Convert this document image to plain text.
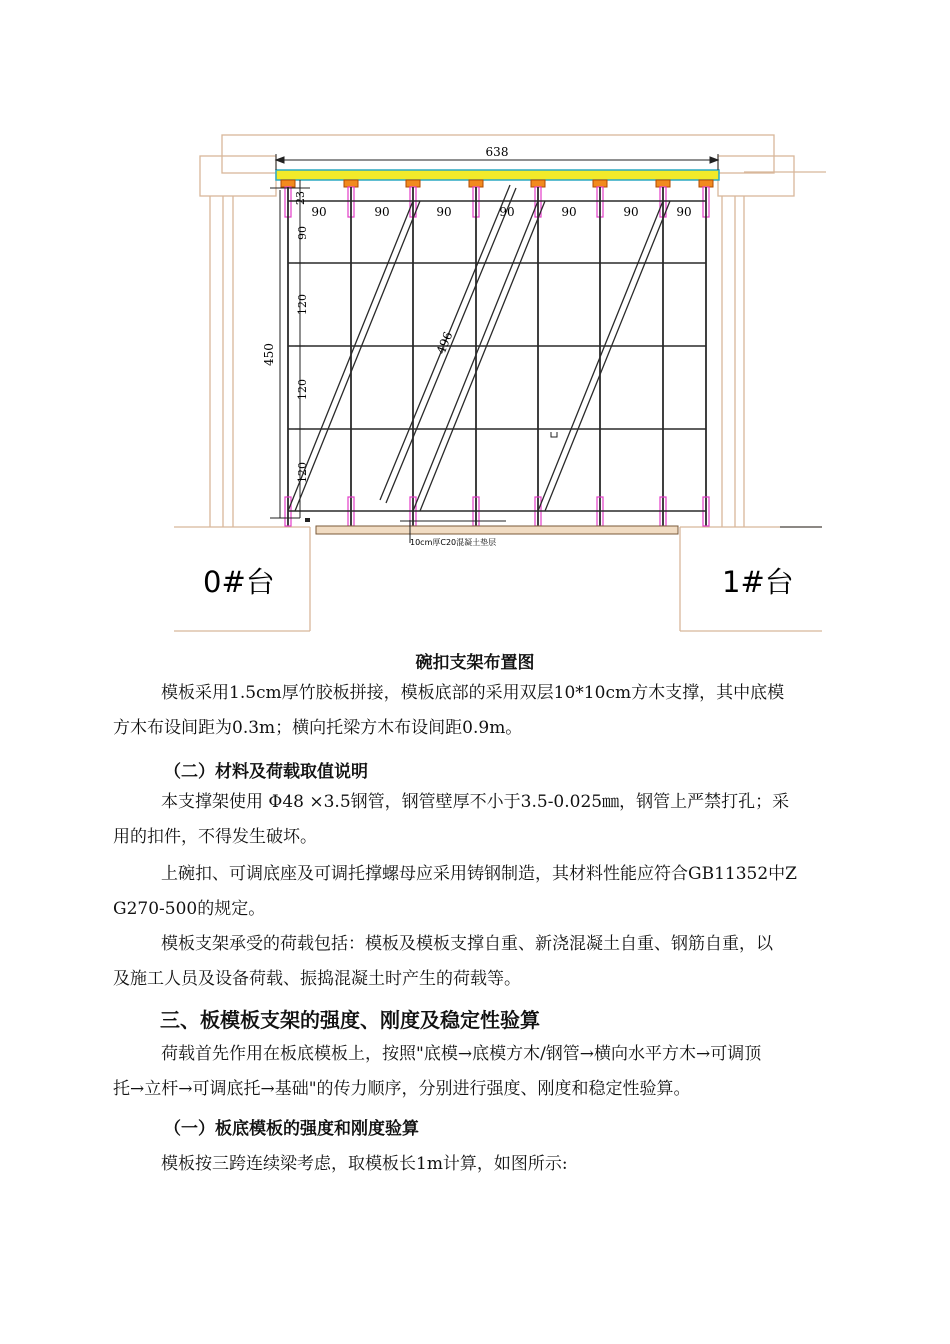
638
23
450
90
120
120
120
90	90	90	90	90	90	90
496
10cm厚C20混凝土垫层
0#台	1#台
碗扣支架布置图
模板采用1.5cm厚竹胶板拼接，模板底部的采用双层10*10cm方木支撑，其中底模
方木布设间距为0.3m；横向托梁方木布设间距0.9m。
（二）材料及荷载取值说明
本支撑架使用 Φ48 ×3.5钢管，钢管壁厚不小于3.5-0.025㎜，钢管上严禁打孔；采
用的扣件，不得发生破坏。
上碗扣、可调底座及可调托撑螺母应采用铸钢制造，其材料性能应符合GB11352中Z
G270-500的规定。
模板支架承受的荷载包括：模板及模板支撑自重、新浇混凝土自重、钢筋自重，以
及施工人员及设备荷载、振捣混凝土时产生的荷载等。
三、板模板支架的强度、刚度及稳定性验算
荷载首先作用在板底模板上，按照"底模→底模方木/钢管→横向水平方木→可调顶
托→立杆→可调底托→基础"的传力顺序，分别进行强度、刚度和稳定性验算。
（一）板底模板的强度和刚度验算
模板按三跨连续梁考虑，取模板长1m计算，如图所示:
